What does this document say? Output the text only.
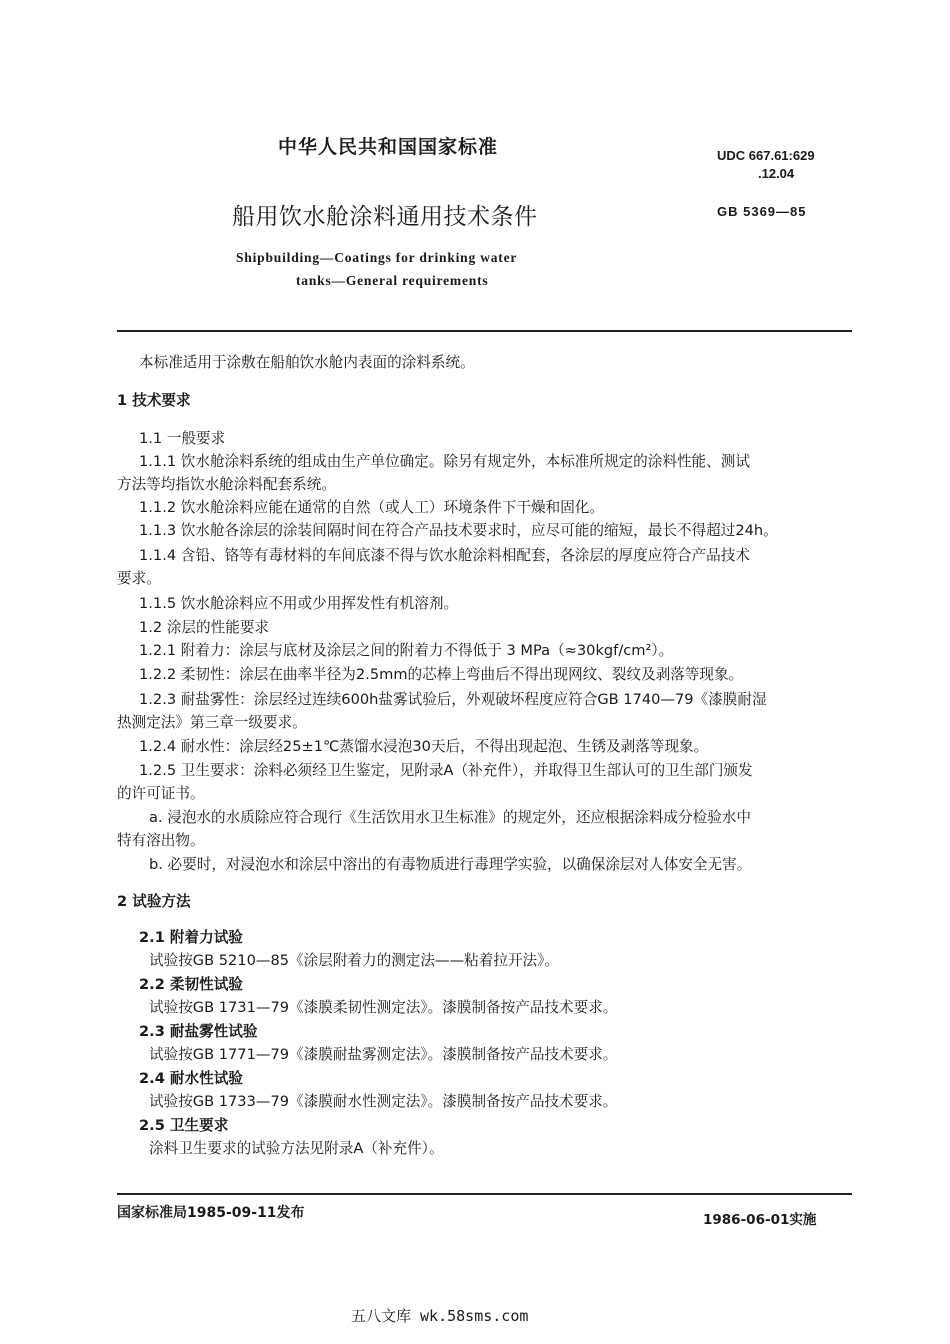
中华人民共和国国家标准
船用饮水舱涂料通用技术条件
Shipbuilding—Coatings for drinking water
tanks—General requirements
UDC 667.61:629
.12.04
GB 5369—85
本标准适用于涂敷在船舶饮水舱内表面的涂料系统。
1 技术要求
1.1 一般要求
1.1.1 饮水舱涂料系统的组成由生产单位确定。除另有规定外，本标准所规定的涂料性能、测试
方法等均指饮水舱涂料配套系统。
1.1.2 饮水舱涂料应能在通常的自然（或人工）环境条件下干燥和固化。
1.1.3 饮水舱各涂层的涂装间隔时间在符合产品技术要求时，应尽可能的缩短，最长不得超过24h。
1.1.4 含铅、铬等有毒材料的车间底漆不得与饮水舱涂料相配套，各涂层的厚度应符合产品技术
要求。
1.1.5 饮水舱涂料应不用或少用挥发性有机溶剂。
1.2 涂层的性能要求
1.2.1 附着力：涂层与底材及涂层之间的附着力不得低于 3 MPa（≈30kgf/cm²）。
1.2.2 柔韧性：涂层在曲率半径为2.5mm的芯棒上弯曲后不得出现网纹、裂纹及剥落等现象。
1.2.3 耐盐雾性：涂层经过连续600h盐雾试验后，外观破坏程度应符合GB 1740—79《漆膜耐湿
热测定法》第三章一级要求。
1.2.4 耐水性：涂层经25±1℃蒸馏水浸泡30天后，不得出现起泡、生锈及剥落等现象。
1.2.5 卫生要求：涂料必须经卫生鉴定，见附录A（补充件），并取得卫生部认可的卫生部门颁发
的许可证书。
a. 浸泡水的水质除应符合现行《生活饮用水卫生标准》的规定外，还应根据涂料成分检验水中
特有溶出物。
b. 必要时，对浸泡水和涂层中溶出的有毒物质进行毒理学实验，以确保涂层对人体安全无害。
2 试验方法
2.1 附着力试验
试验按GB 5210—85《涂层附着力的测定法——粘着拉开法》。
2.2 柔韧性试验
试验按GB 1731—79《漆膜柔韧性测定法》。漆膜制备按产品技术要求。
2.3 耐盐雾性试验
试验按GB 1771—79《漆膜耐盐雾测定法》。漆膜制备按产品技术要求。
2.4 耐水性试验
试验按GB 1733—79《漆膜耐水性测定法》。漆膜制备按产品技术要求。
2.5 卫生要求
涂料卫生要求的试验方法见附录A（补充件）。
国家标准局1985-09-11发布	1986-06-01实施
五八文库 wk.58sms.com
